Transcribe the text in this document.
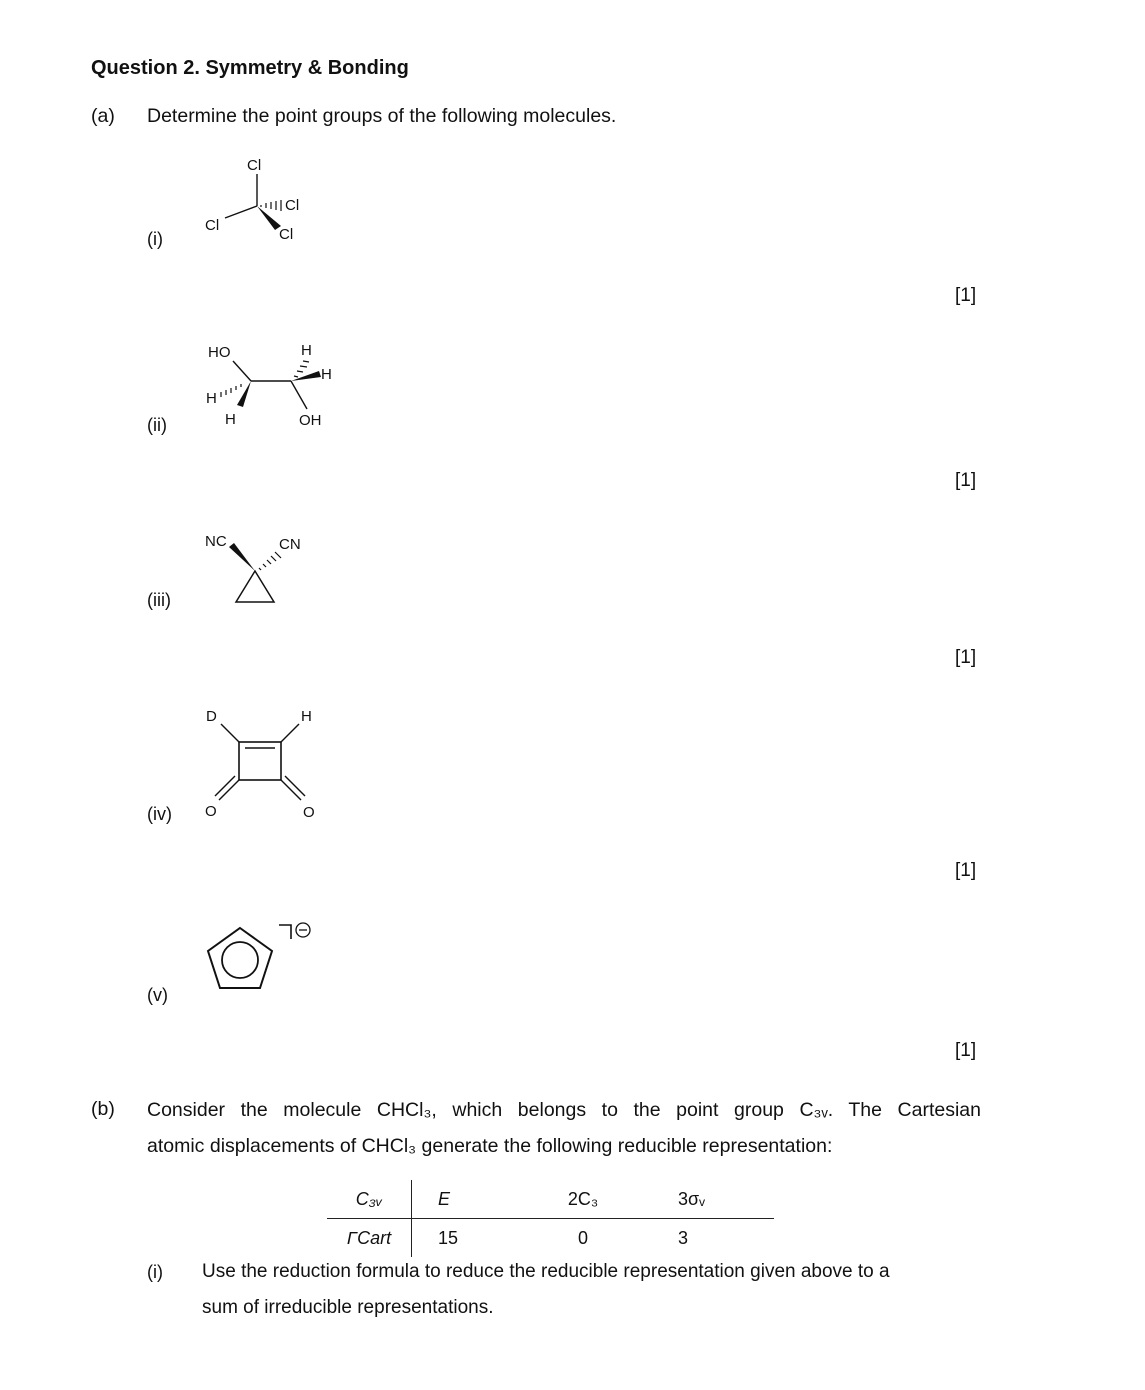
Question 2. Symmetry & Bonding
(a) Determine the point groups of the following molecules.
(i)
(ii)
(iii)
(iv)
(v)
[1]
[1]
[1]
[1]
[1]
Cl
Cl
Cl
Cl
HO
H
H
H
H
OH
NC	CN
D	H
O	O
(b) Consider the molecule CHCl₃, which belongs to the point group C₃ᵥ. The Cartesian
atomic displacements of CHCl₃ generate the following reducible representation:
C₃ᵥ	E	2C₃	3σᵥ
ΓCart	15	0	3
(i) Use the reduction formula to reduce the reducible representation given above to a
sum of irreducible representations.
